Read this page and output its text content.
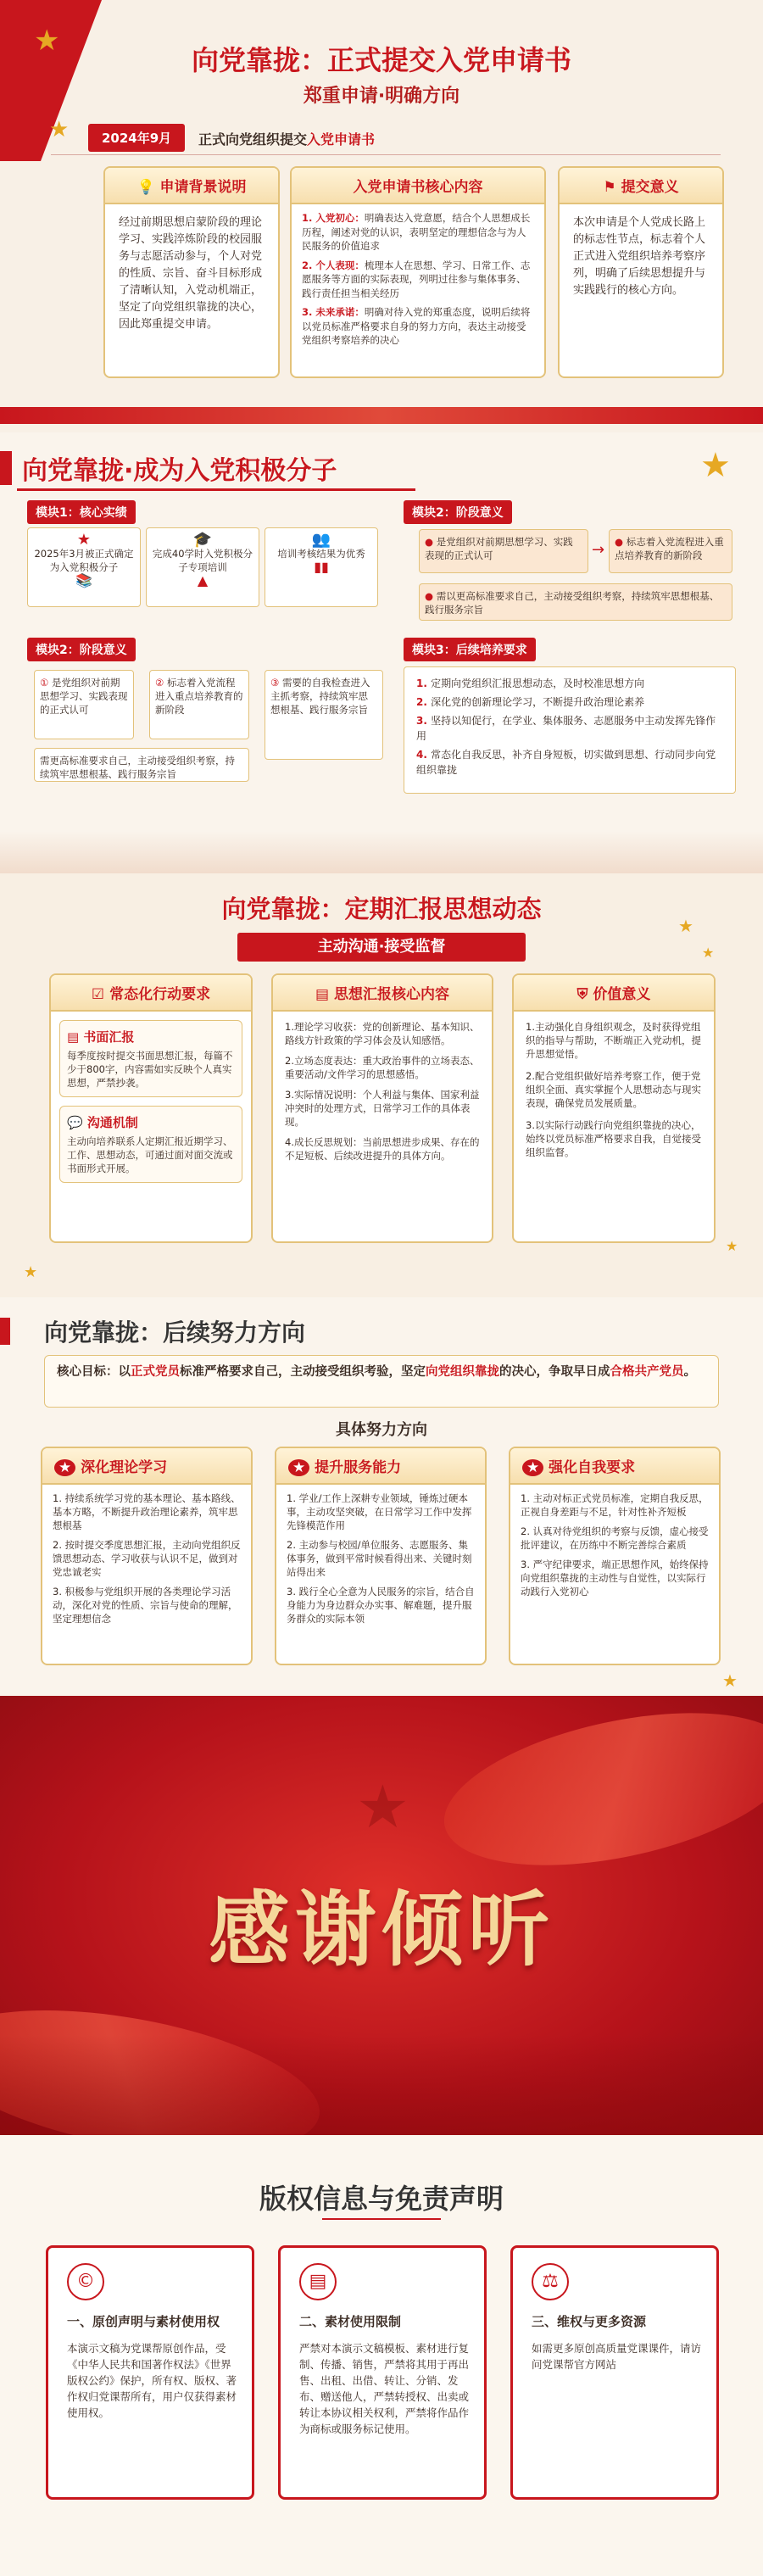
★
★
向党靠拢：正式提交入党申请书
郑重申请·明确方向
2024年9月	正式向党组织提交入党申请书
💡 申请背景说明
经过前期思想启蒙阶段的理论学习、实践淬炼阶段的校园服务与志愿活动参与，个人对党的性质、宗旨、奋斗目标形成了清晰认知，入党动机端正，坚定了向党组织靠拢的决心，因此郑重提交申请。
入党申请书核心内容
1. 入党初心：明确表达入党意愿，结合个人思想成长历程，阐述对党的认识，表明坚定的理想信念与为人民服务的价值追求
2. 个人表现：梳理本人在思想、学习、日常工作、志愿服务等方面的实际表现，列明过往参与集体事务、践行责任担当相关经历
3. 未来承诺：明确对待入党的郑重态度，说明后续将以党员标准严格要求自身的努力方向，表达主动接受党组织考察培养的决心
⚑ 提交意义
本次申请是个人党成长路上的标志性节点，标志着个人正式进入党组织培养考察序列，明确了后续思想提升与实践践行的核心方向。
向党靠拢·成为入党积极分子	★
模块1：核心实绩
★
2025年3月被正式确定为入党积极分子
📚
🎓
完成40学时入党积极分子专项培训
▲
👥
培训考核结果为优秀
▮▮
模块2：阶段意义
● 是党组织对前期思想学习、实践表现的正式认可	→	● 标志着入党流程进入重点培养教育的新阶段
● 需以更高标准要求自己，主动接受组织考察，持续筑牢思想根基、践行服务宗旨
模块2：阶段意义
① 是党组织对前期思想学习、实践表现的正式认可
② 标志着入党流程进入重点培养教育的新阶段
③ 需要的自我检查进入主抓考察，持续筑牢思想根基、践行服务宗旨
需更高标准要求自己，主动接受组织考察，持续筑牢思想根基、践行服务宗旨
模块3：后续培养要求
1. 定期向党组织汇报思想动态，及时校准思想方向
2. 深化党的创新理论学习，不断提升政治理论素养
3. 坚持以知促行，在学业、集体服务、志愿服务中主动发挥先锋作用
4. 常态化自我反思，补齐自身短板，切实做到思想、行动同步向党组织靠拢
向党靠拢：定期汇报思想动态
主动沟通·接受监督
★
★
☑ 常态化行动要求
▤ 书面汇报
每季度按时提交书面思想汇报，每篇不少于800字，内容需如实反映个人真实思想，严禁抄袭。
💬 沟通机制
主动向培养联系人定期汇报近期学习、工作、思想动态，可通过面对面交流或书面形式开展。
▤ 思想汇报核心内容
1.理论学习收获：党的创新理论、基本知识、路线方针政策的学习体会及认知感悟。
2.立场态度表达：重大政治事件的立场表态、重要活动/文件学习的思想感悟。
3.实际情况说明：个人利益与集体、国家利益冲突时的处理方式，日常学习工作的具体表现。
4.成长反思规划：当前思想进步成果、存在的不足短板、后续改进提升的具体方向。
⛨ 价值意义
1.主动强化自身组织观念，及时获得党组织的指导与帮助，不断端正入党动机，提升思想觉悟。
2.配合党组织做好培养考察工作，便于党组织全面、真实掌握个人思想动态与现实表现，确保党员发展质量。
3.以实际行动践行向党组织靠拢的决心，始终以党员标准严格要求自我，自觉接受组织监督。
★
★
向党靠拢：后续努力方向
核心目标：以正式党员标准严格要求自己，主动接受组织考验，坚定向党组织靠拢的决心，争取早日成合格共产党员。
具体努力方向
★ 深化理论学习
1. 持续系统学习党的基本理论、基本路线、基本方略，不断提升政治理论素养，筑牢思想根基
2. 按时提交季度思想汇报，主动向党组织反馈思想动态、学习收获与认识不足，做到对党忠诚老实
3. 积极参与党组织开展的各类理论学习活动，深化对党的性质、宗旨与使命的理解，坚定理想信念
★ 提升服务能力
1. 学业/工作上深耕专业领域，锤炼过硬本事，主动攻坚突破，在日常学习工作中发挥先锋模范作用
2. 主动参与校园/单位服务、志愿服务、集体事务，做到平常时候看得出来、关键时刻站得出来
3. 践行全心全意为人民服务的宗旨，结合自身能力为身边群众办实事、解难题，提升服务群众的实际本领
★ 强化自我要求
1. 主动对标正式党员标准，定期自我反思，正视自身差距与不足，针对性补齐短板
2. 认真对待党组织的考察与反馈，虚心接受批评建议，在历练中不断完善综合素质
3. 严守纪律要求，端正思想作风，始终保持向党组织靠拢的主动性与自觉性，以实际行动践行入党初心
★
★
感谢倾听
版权信息与免责声明
©
一、原创声明与素材使用权
本演示文稿为党课帮原创作品，受《中华人民共和国著作权法》《世界版权公约》保护，所有权、版权、著作权归党课帮所有，用户仅获得素材使用权。
▤
二、素材使用限制
严禁对本演示文稿模板、素材进行复制、传播、销售，严禁将其用于再出售、出租、出借、转让、分销、发布、赠送他人，严禁转授权、出卖或转让本协议相关权利，严禁将作品作为商标或服务标记使用。
⚖
三、维权与更多资源
如需更多原创高质量党课课件，请访问党课帮官方网站
